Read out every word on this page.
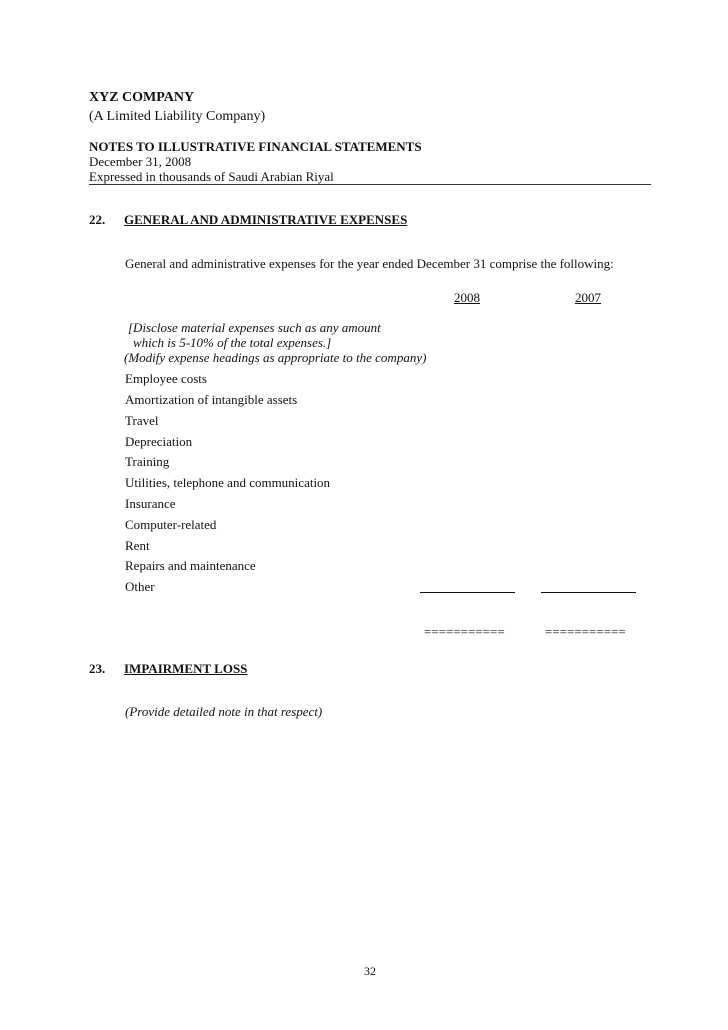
XYZ COMPANY
(A Limited Liability Company)
NOTES TO ILLUSTRATIVE FINANCIAL STATEMENTS
December 31, 2008
Expressed in thousands of Saudi Arabian Riyal
22. GENERAL AND ADMINISTRATIVE EXPENSES
General and administrative expenses for the year ended December 31 comprise the following:
2008	2007
[Disclose material expenses such as any amount
which is 5-10% of the total expenses.]
(Modify expense headings as appropriate to the company)
Employee costs
Amortization of intangible assets
Travel
Depreciation
Training
Utilities, telephone and communication
Insurance
Computer-related
Rent
Repairs and maintenance
Other
===========	===========
23. IMPAIRMENT LOSS
(Provide detailed note in that respect)
32
